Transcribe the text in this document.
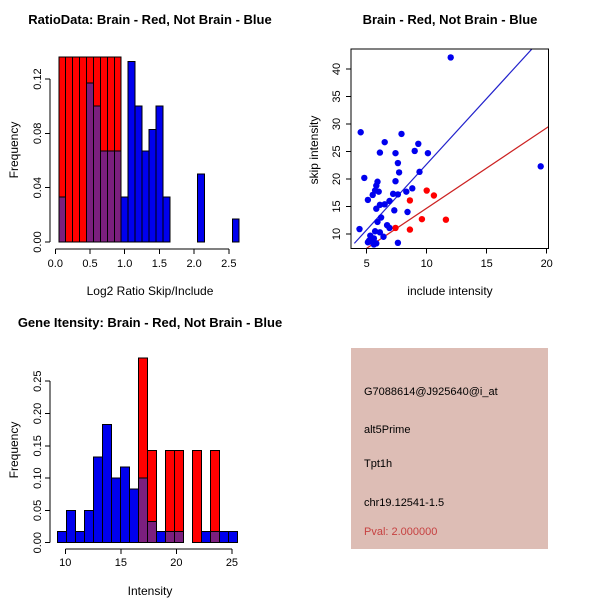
0.00
0.04
0.08
0.12
0.0 0.5 1.0 1.5 2.0 2.5
RatioData: Brain - Red, Not Brain - Blue
Frequency
Log2 Ratio Skip/Include
5	10	15	20
10
15
20
25
30
35
40
Brain - Red, Not Brain - Blue
skip intensity
include intensity
0.00
0.05
0.10
0.15
0.20
0.25
10	15	20	25
Gene Itensity: Brain - Red, Not Brain - Blue
Frequency
Intensity
G7088614@J925640@i_at
alt5Prime
Tpt1h
chr19.12541-1.5
Pval: 2.000000
